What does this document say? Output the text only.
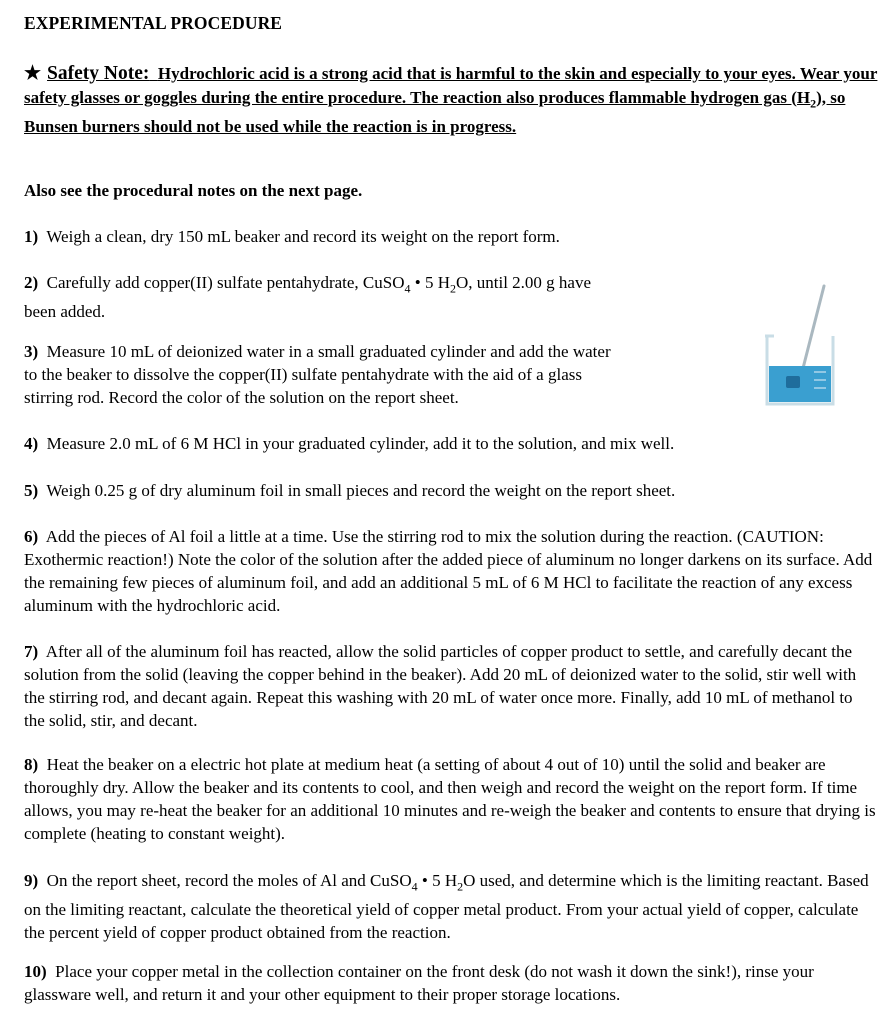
EXPERIMENTAL PROCEDURE
★ Safety Note: Hydrochloric acid is a strong acid that is harmful to the skin and especially to your eyes. Wear your safety glasses or goggles during the entire procedure. The reaction also produces flammable hydrogen gas $(H_2)$, so Bunsen burners should not be used while the reaction is in progress.
Also see the procedural notes on the next page.
1) Weigh a clean, dry 150 mL beaker and record its weight on the report form.
2) Carefully add copper(II) sulfate pentahydrate, CuSO$_4$ • 5 $H_2O$, until 2.00 g have
been added.
3) Measure 10 mL of deionized water in a small graduated cylinder and add the water
to the beaker to dissolve the copper(II) sulfate pentahydrate with the aid of a glass
stirring rod. Record the color of the solution on the report sheet.
4) Measure 2.0 mL of 6 M HCl in your graduated cylinder, add it to the solution, and mix well.
5) Weigh 0.25 g of dry aluminum foil in small pieces and record the weight on the report sheet.
6) Add the pieces of Al foil a little at a time. Use the stirring rod to mix the solution during the reaction. (CAUTION: Exothermic reaction!) Note the color of the solution after the added piece of aluminum no longer darkens on its surface. Add the remaining few pieces of aluminum foil, and add an additional 5 mL of 6 M HCl to facilitate the reaction of any excess aluminum with the hydrochloric acid.
7) After all of the aluminum foil has reacted, allow the solid particles of copper product to settle, and carefully decant the solution from the solid (leaving the copper behind in the beaker). Add 20 mL of deionized water to the solid, stir well with the stirring rod, and decant again. Repeat this washing with 20 mL of water once more. Finally, add 10 mL of methanol to the solid, stir, and decant.
8) Heat the beaker on a electric hot plate at medium heat (a setting of about 4 out of 10) until the solid and beaker are thoroughly dry. Allow the beaker and its contents to cool, and then weigh and record the weight on the report form. If time allows, you may re-heat the beaker for an additional 10 minutes and re-weigh the beaker and contents to ensure that drying is complete (heating to constant weight).
9) On the report sheet, record the moles of Al and CuSO$_4$ • 5 $H_2O$ used, and determine which is the limiting reactant. Based on the limiting reactant, calculate the theoretical yield of copper metal product. From your actual yield of copper, calculate the percent yield of copper product obtained from the reaction.
10) Place your copper metal in the collection container on the front desk (do not wash it down the sink!), rinse your glassware well, and return it and your other equipment to their proper storage locations.
